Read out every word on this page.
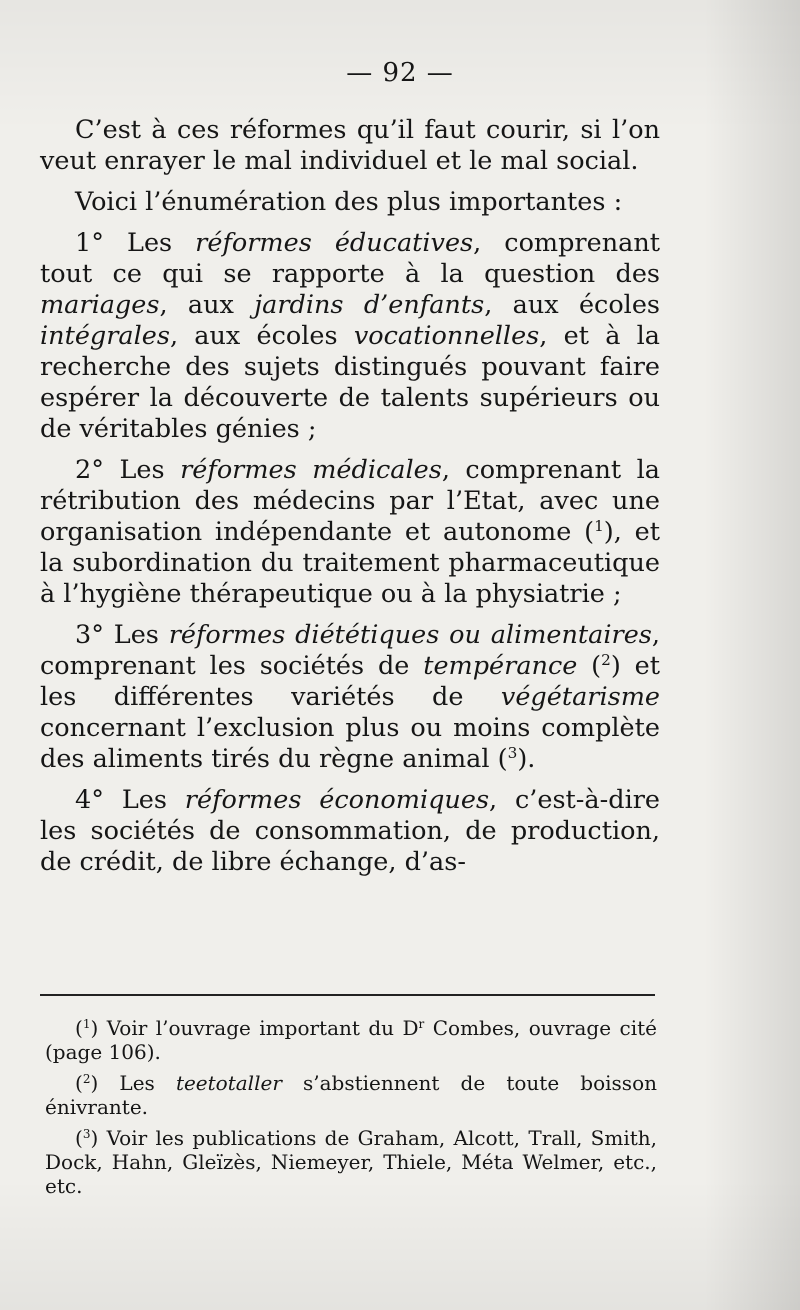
— 92 —

C’est à ces réformes qu’il faut courir, si l’on veut enrayer le mal individuel et le mal social.

Voici l’énumération des plus importantes :

1° Les réformes éducatives, comprenant tout ce qui se rapporte à la question des mariages, aux jardins d’enfants, aux écoles intégrales, aux écoles vocationnelles, et à la recherche des sujets distingués pouvant faire espérer la découverte de talents supérieurs ou de véritables génies ;

2° Les réformes médicales, comprenant la rétribution des médecins par l’Etat, avec une organisation indépendante et autonome ($^1$), et la subordination du traitement pharmaceutique à l’hygiène thérapeutique ou à la physiatrie ;

3° Les réformes diététiques ou alimentaires, comprenant les sociétés de tempérance ($^2$) et les différentes variétés de végétarisme concernant l’exclusion plus ou moins complète des aliments tirés du règne animal ($^3$).

4° Les réformes économiques, c’est-à-dire les sociétés de consommation, de production, de crédit, de libre échange, d’as-

($^1$) Voir l’ouvrage important du $D^r$ Combes, ouvrage cité (page 106).

($^2$) Les teetotaller s’abstiennent de toute boisson énivrante.

($^3$) Voir les publications de Graham, Alcott, Trall, Smith, Dock, Hahn, Gleïzès, Niemeyer, Thiele, Méta Welmer, etc., etc.
